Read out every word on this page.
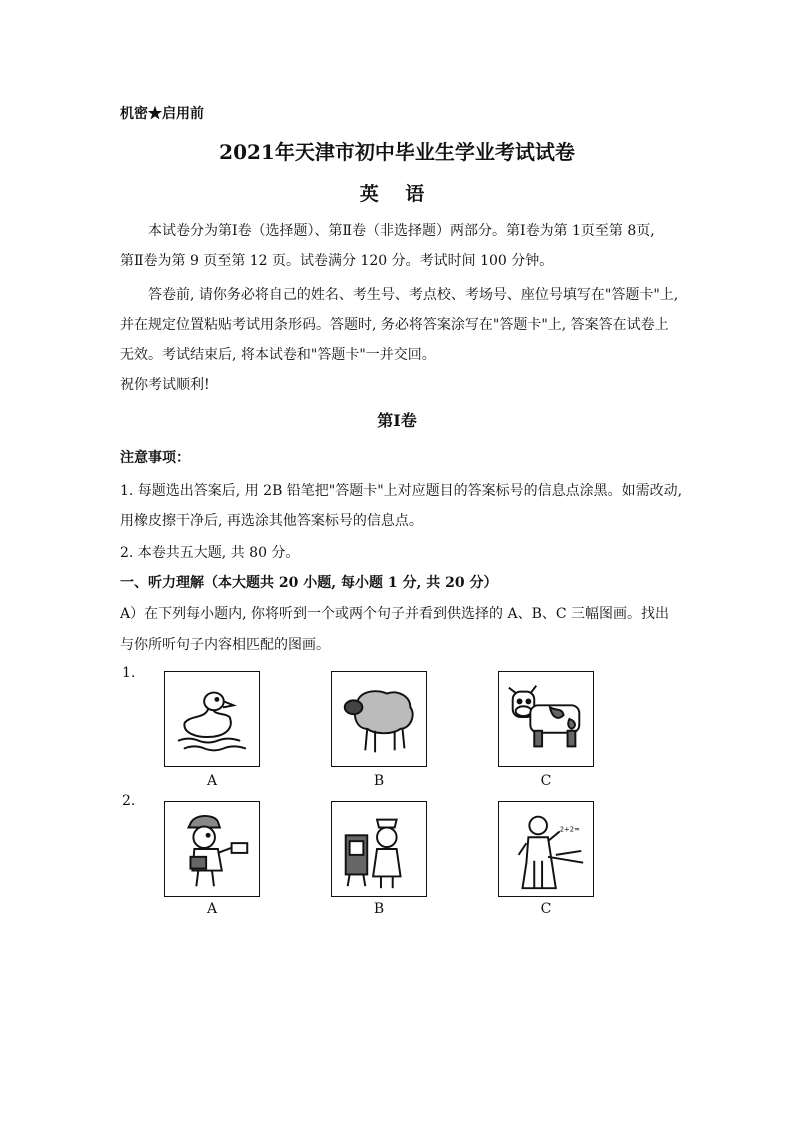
机密★启用前
2021年天津市初中毕业生学业考试试卷
英 语
本试卷分为第Ⅰ卷（选择题）、第Ⅱ卷（非选择题）两部分。第Ⅰ卷为第 1页至第 8页,
第Ⅱ卷为第 9 页至第 12 页。试卷满分 120 分。考试时间 100 分钟。
答卷前, 请你务必将自己的姓名、考生号、考点校、考场号、座位号填写在"答题卡"上,
并在规定位置粘贴考试用条形码。答题时, 务必将答案涂写在"答题卡"上, 答案答在试卷上
无效。考试结束后, 将本试卷和"答题卡"一并交回。
祝你考试顺利!
第Ⅰ卷
注意事项：
1. 每题选出答案后, 用 2B 铅笔把"答题卡"上对应题目的答案标号的信息点涂黑。如需改动,
用橡皮擦干净后, 再选涂其他答案标号的信息点。
2. 本卷共五大题, 共 80 分。
一、听力理解（本大题共 20 小题, 每小题 1 分, 共 20 分）
A）在下列每小题内, 你将听到一个或两个句子并看到供选择的 A、B、C 三幅图画。找出
与你所听句子内容相匹配的图画。
1.
A	B	C
2.
A	B
2+2=
C
